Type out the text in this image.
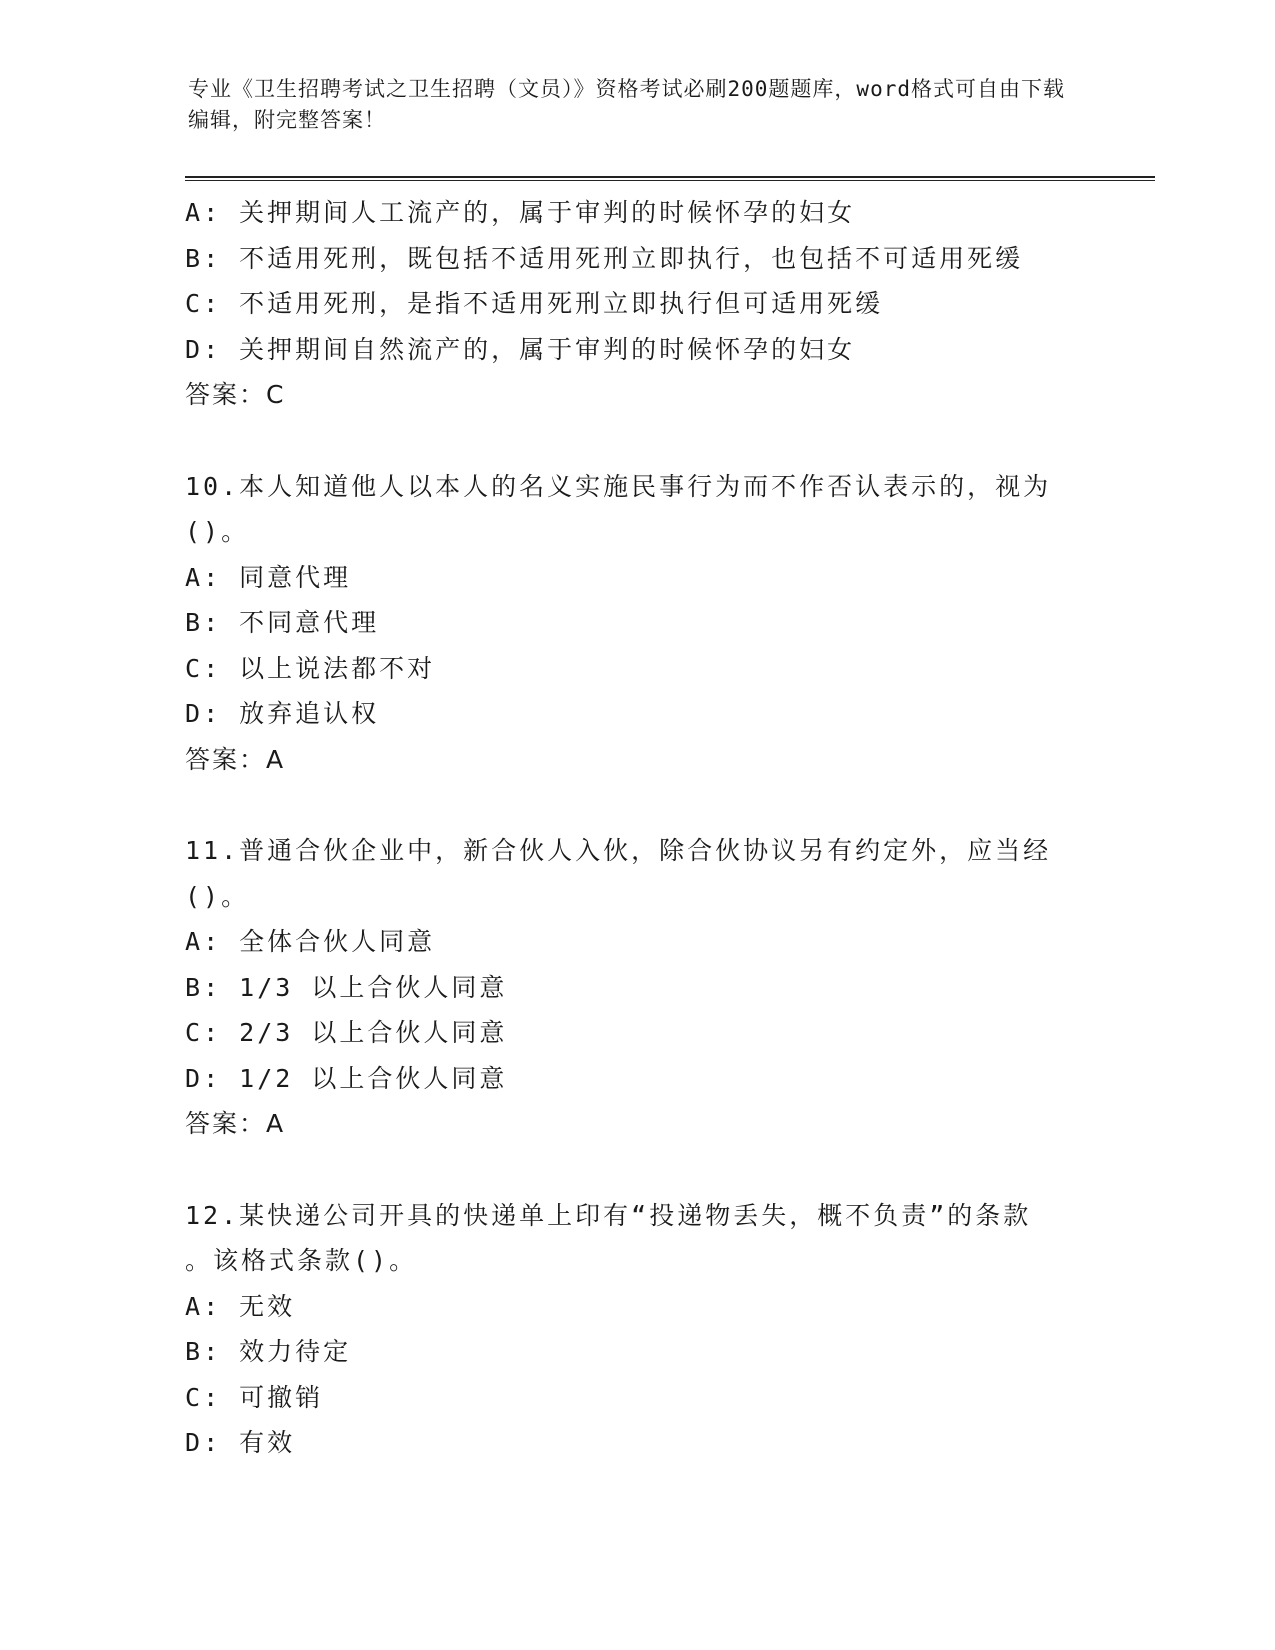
专业《卫生招聘考试之卫生招聘（文员）》资格考试必刷200题题库，word格式可自由下载编辑，附完整答案！
A: 关押期间人工流产的，属于审判的时候怀孕的妇女
B: 不适用死刑，既包括不适用死刑立即执行，也包括不可适用死缓
C: 不适用死刑，是指不适用死刑立即执行但可适用死缓
D: 关押期间自然流产的，属于审判的时候怀孕的妇女
答案：C
10.本人知道他人以本人的名义实施民事行为而不作否认表示的，视为
()。
A: 同意代理
B: 不同意代理
C: 以上说法都不对
D: 放弃追认权
答案：A
11.普通合伙企业中，新合伙人入伙，除合伙协议另有约定外，应当经
()。
A: 全体合伙人同意
B: 1/3 以上合伙人同意
C: 2/3 以上合伙人同意
D: 1/2 以上合伙人同意
答案：A
12.某快递公司开具的快递单上印有“投递物丢失，概不负责”的条款
。该格式条款()。
A: 无效
B: 效力待定
C: 可撤销
D: 有效
